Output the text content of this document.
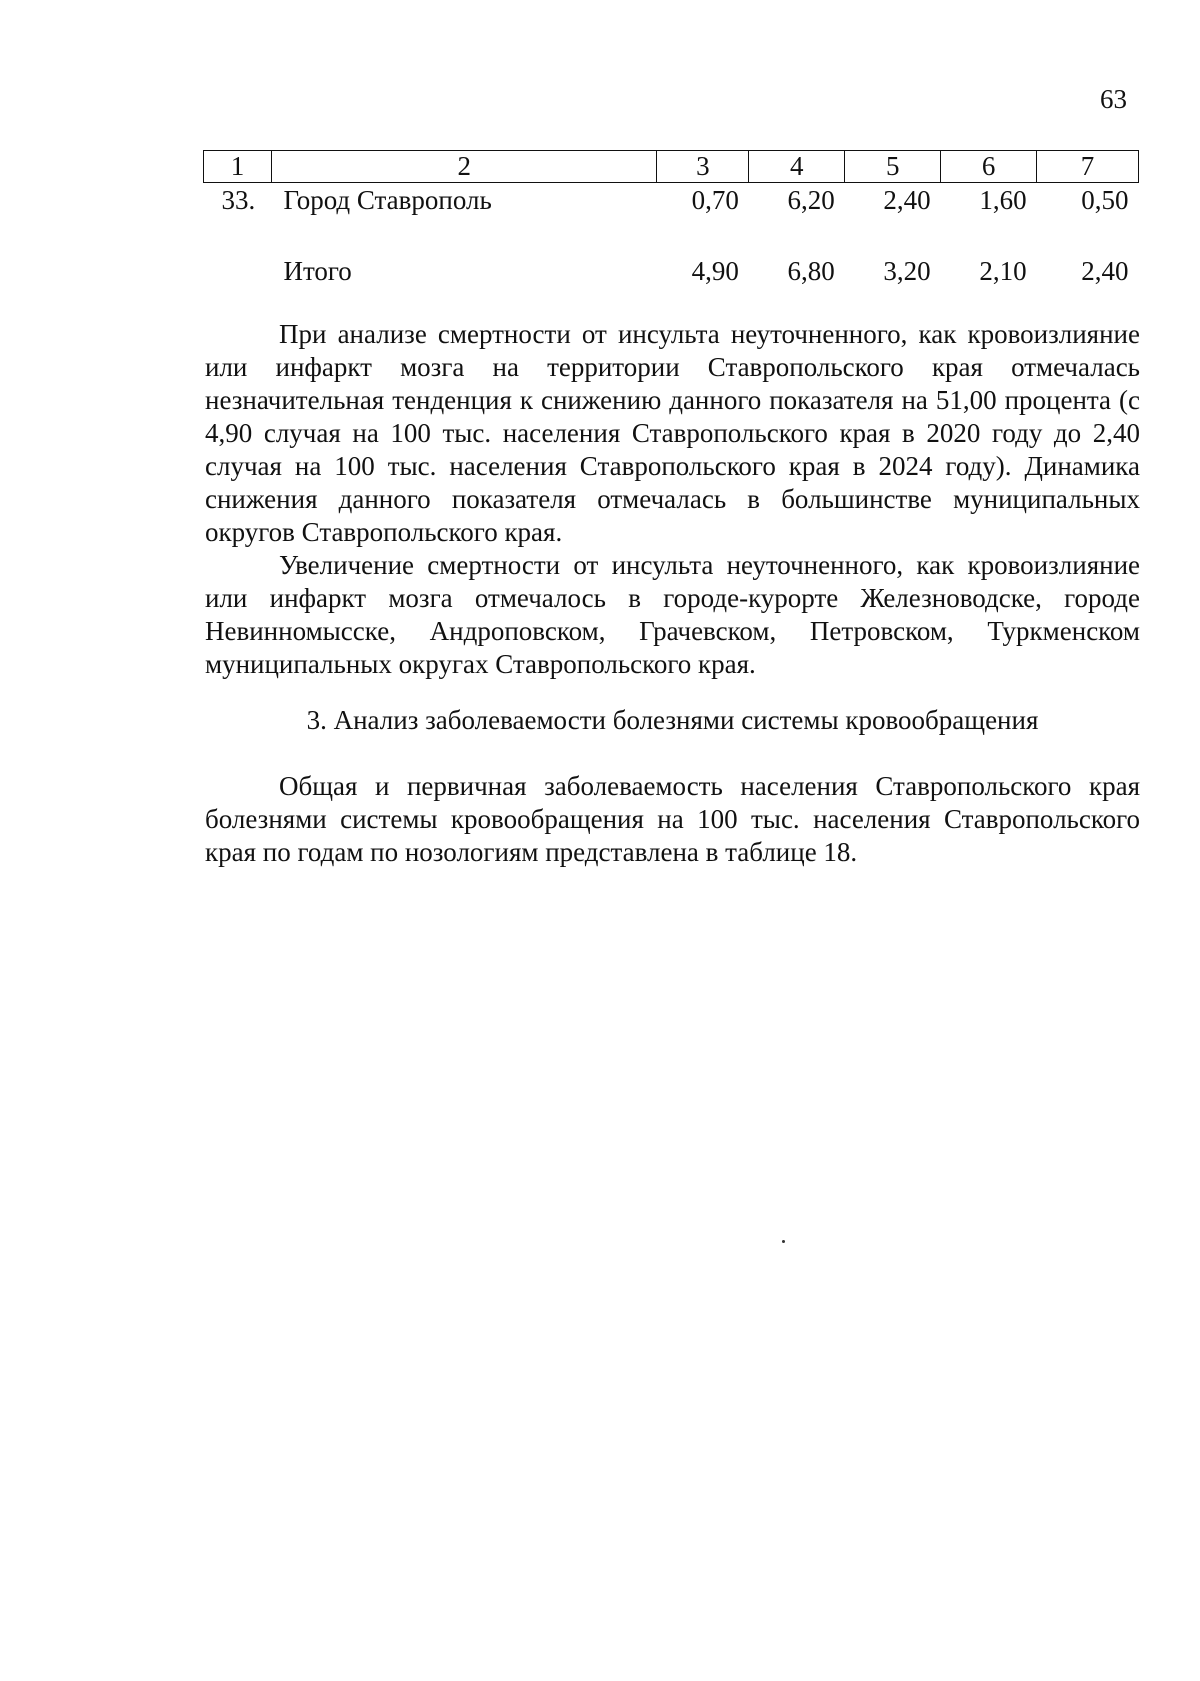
63
1	2	3	4	5	6	7
33.	Город Ставрополь	0,70	6,20	2,40	1,60	0,50
	Итого	4,90	6,80	3,20	2,10	2,40

При анализе смертности от инсульта неуточненного, как кровоизлияние или инфаркт мозга на территории Ставропольского края отмечалась незначительная тенденция к снижению данного показателя на 51,00 процента (с 4,90 случая на 100 тыс. населения Ставропольского края в 2020 году до 2,40 случая на 100 тыс. населения Ставропольского края в 2024 году). Динамика снижения данного показателя отмечалась в большинстве муниципальных округов Ставропольского края.

Увеличение смертности от инсульта неуточненного, как кровоизлияние или инфаркт мозга отмечалось в городе-курорте Железноводске, городе Невинномысске, Андроповском, Грачевском, Петровском, Туркменском муниципальных округах Ставропольского края.

3. Анализ заболеваемости болезнями системы кровообращения

Общая и первичная заболеваемость населения Ставропольского края болезнями системы кровообращения на 100 тыс. населения Ставропольского края по годам по нозологиям представлена в таблице 18.
